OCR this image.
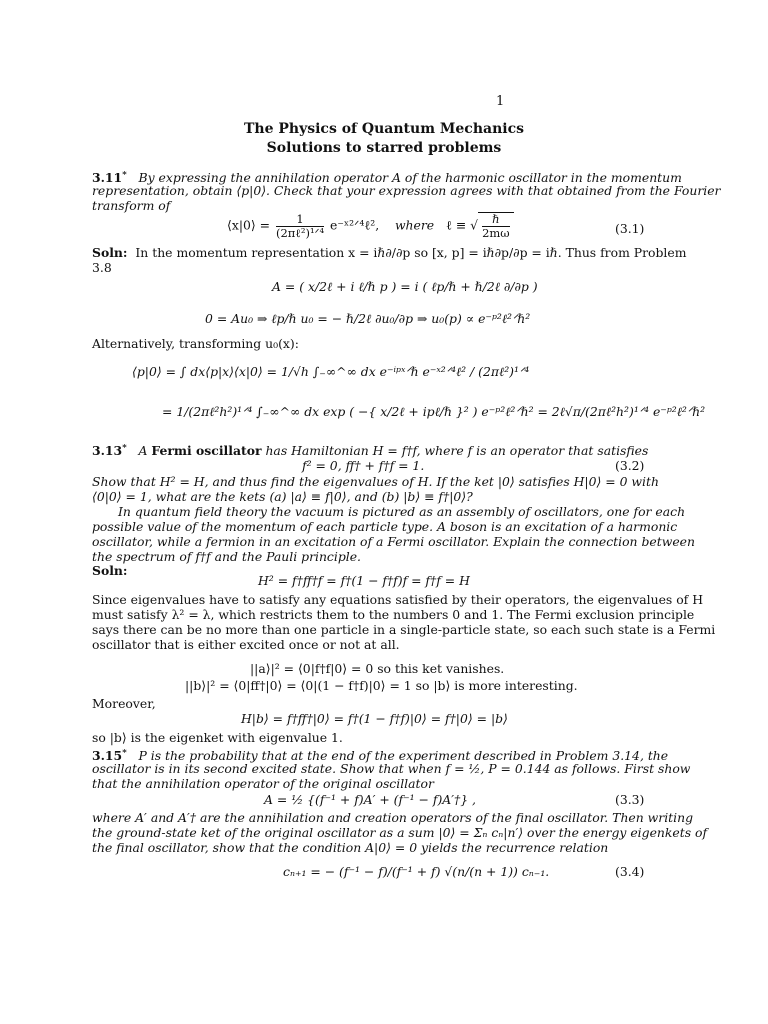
1
The Physics of Quantum Mechanics
Solutions to starred problems
3.11* By expressing the annihilation operator A of the harmonic oscillator in the momentum
representation, obtain ⟨p|0⟩. Check that your expression agrees with that obtained from the Fourier
transform of
⟨x|0⟩ = $\frac{1}{\text{(2πℓ²)¹ᐟ⁴}}$ e⁻ˣ²ᐟ⁴ℓ², where ℓ ≡ √ $\frac{\text{ℏ}}{2m\omega}$	(3.1)
Soln: In the momentum representation x = iℏ∂/∂p so [x, p] = iℏ∂p/∂p = iℏ. Thus from Problem
3.8
A = ( x/2ℓ + i ℓ/ℏ p ) = i ( ℓp/ℏ + ℏ/2ℓ ∂/∂p )
0 = Au₀ ⇒ ℓp/ℏ u₀ = − ℏ/2ℓ ∂u₀/∂p ⇒ u₀(p) ∝ e⁻ᵖ²ℓ²ᐟℏ²
Alternatively, transforming u₀(x):
⟨p|0⟩ = ∫ dx⟨p|x⟩⟨x|0⟩ = 1/√h ∫₋∞^∞ dx e⁻ⁱᵖˣᐟℏ e⁻ˣ²ᐟ⁴ℓ² / (2πℓ²)¹ᐟ⁴
= 1/(2πℓ²h²)¹ᐟ⁴ ∫₋∞^∞ dx exp ( −{ x/2ℓ + ipℓ/ℏ }² ) e⁻ᵖ²ℓ²ᐟℏ² = 2ℓ√π/(2πℓ²h²)¹ᐟ⁴ e⁻ᵖ²ℓ²ᐟℏ²
3.13* A Fermi oscillator has Hamiltonian H = f†f, where f is an operator that satisfies
f² = 0, ff† + f†f = 1.	(3.2)
Show that H² = H, and thus find the eigenvalues of H. If the ket |0⟩ satisfies H|0⟩ = 0 with
⟨0|0⟩ = 1, what are the kets (a) |a⟩ ≡ f|0⟩, and (b) |b⟩ ≡ f†|0⟩?
In quantum field theory the vacuum is pictured as an assembly of oscillators, one for each
possible value of the momentum of each particle type. A boson is an excitation of a harmonic
oscillator, while a fermion in an excitation of a Fermi oscillator. Explain the connection between
the spectrum of f†f and the Pauli principle.
Soln:
H² = f†ff†f = f†(1 − f†f)f = f†f = H
Since eigenvalues have to satisfy any equations satisfied by their operators, the eigenvalues of H
must satisfy λ² = λ, which restricts them to the numbers 0 and 1. The Fermi exclusion principle
says there can be no more than one particle in a single-particle state, so each such state is a Fermi
oscillator that is either excited once or not at all.
||a⟩|² = ⟨0|f†f|0⟩ = 0 so this ket vanishes.
||b⟩|² = ⟨0|ff†|0⟩ = ⟨0|(1 − f†f)|0⟩ = 1 so |b⟩ is more interesting.
Moreover,
H|b⟩ = f†ff†|0⟩ = f†(1 − f†f)|0⟩ = f†|0⟩ = |b⟩
so |b⟩ is the eigenket with eigenvalue 1.
3.15* P is the probability that at the end of the experiment described in Problem 3.14, the
oscillator is in its second excited state. Show that when f = ½, P = 0.144 as follows. First show
that the annihilation operator of the original oscillator
A = ½ {(f⁻¹ + f)A′ + (f⁻¹ − f)A′†} ,	(3.3)
where A′ and A′† are the annihilation and creation operators of the final oscillator. Then writing
the ground-state ket of the original oscillator as a sum |0⟩ = Σₙ cₙ|n′⟩ over the energy eigenkets of
the final oscillator, show that the condition A|0⟩ = 0 yields the recurrence relation
cₙ₊₁ = − (f⁻¹ − f)/(f⁻¹ + f) √(n/(n + 1)) cₙ₋₁.	(3.4)
